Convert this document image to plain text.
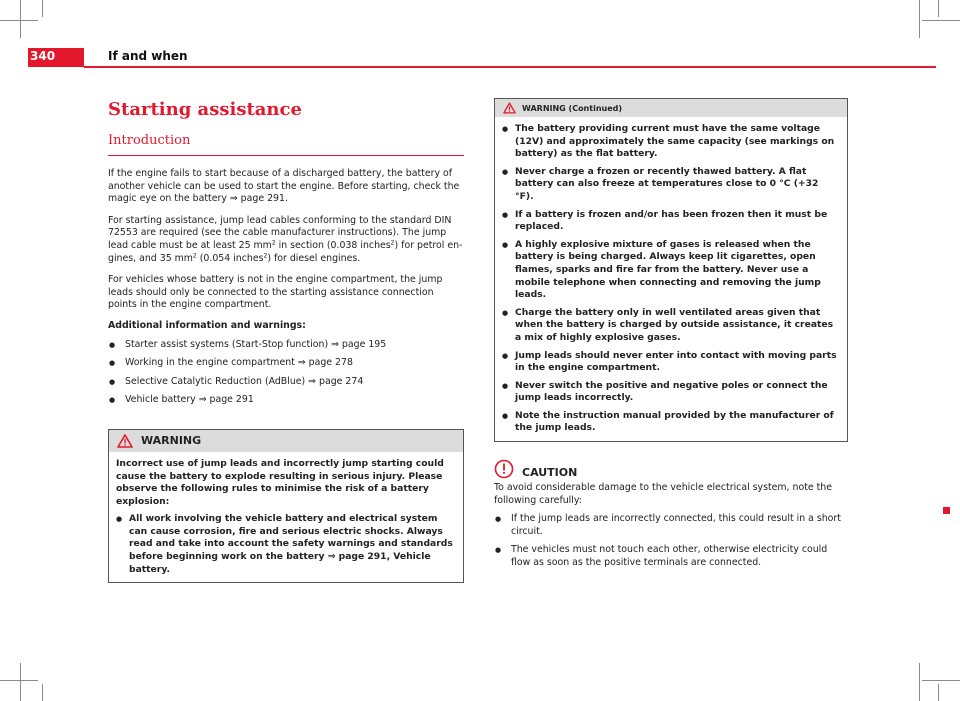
340	If and when
Starting assistance
Introduction

If the engine fails to start because of a discharged battery, the battery of another vehicle can be used to start the engine. Before starting, check the magic eye on the battery ⇒ page 291.

For starting assistance, jump lead cables conforming to the standard DIN 72553 are required (see the cable manufacturer instructions). The jump lead cable must be at least 25 $mm^2$ in section (0.038 inches$^2$) for petrol engines, and 35 $mm^2$ (0.054 inches$^2$) for diesel engines.

For vehicles whose battery is not in the engine compartment, the jump leads should only be connected to the starting assistance connection points in the engine compartment.

Additional information and warnings:

● Starter assist systems (Start-Stop function) ⇒ page 195
● Working in the engine compartment ⇒ page 278
● Selective Catalytic Reduction (AdBlue) ⇒ page 274
● Vehicle battery ⇒ page 291
WARNING

Incorrect use of jump leads and incorrectly jump starting could cause the battery to explode resulting in serious injury. Please observe the following rules to minimise the risk of a battery explosion:

● All work involving the vehicle battery and electrical system can cause corrosion, fire and serious electric shocks. Always read and take into account the safety warnings and standards before beginning work on the battery ⇒ page 291, Vehicle battery.
WARNING (Continued)
● The battery providing current must have the same voltage (12V) and approximately the same capacity (see markings on battery) as the flat battery.
● Never charge a frozen or recently thawed battery. A flat battery can also freeze at temperatures close to 0 °C (+32 °F).
● If a battery is frozen and/or has been frozen then it must be replaced.
● A highly explosive mixture of gases is released when the battery is being charged. Always keep lit cigarettes, open flames, sparks and fire far from the battery. Never use a mobile telephone when connecting and removing the jump leads.
● Charge the battery only in well ventilated areas given that when the battery is charged by outside assistance, it creates a mix of highly explosive gases.
● Jump leads should never enter into contact with moving parts in the engine compartment.
● Never switch the positive and negative poles or connect the jump leads incorrectly.
● Note the instruction manual provided by the manufacturer of the jump leads.
CAUTION

To avoid considerable damage to the vehicle electrical system, note the following carefully:

● If the jump leads are incorrectly connected, this could result in a short circuit.
● The vehicles must not touch each other, otherwise electricity could flow as soon as the positive terminals are connected.
